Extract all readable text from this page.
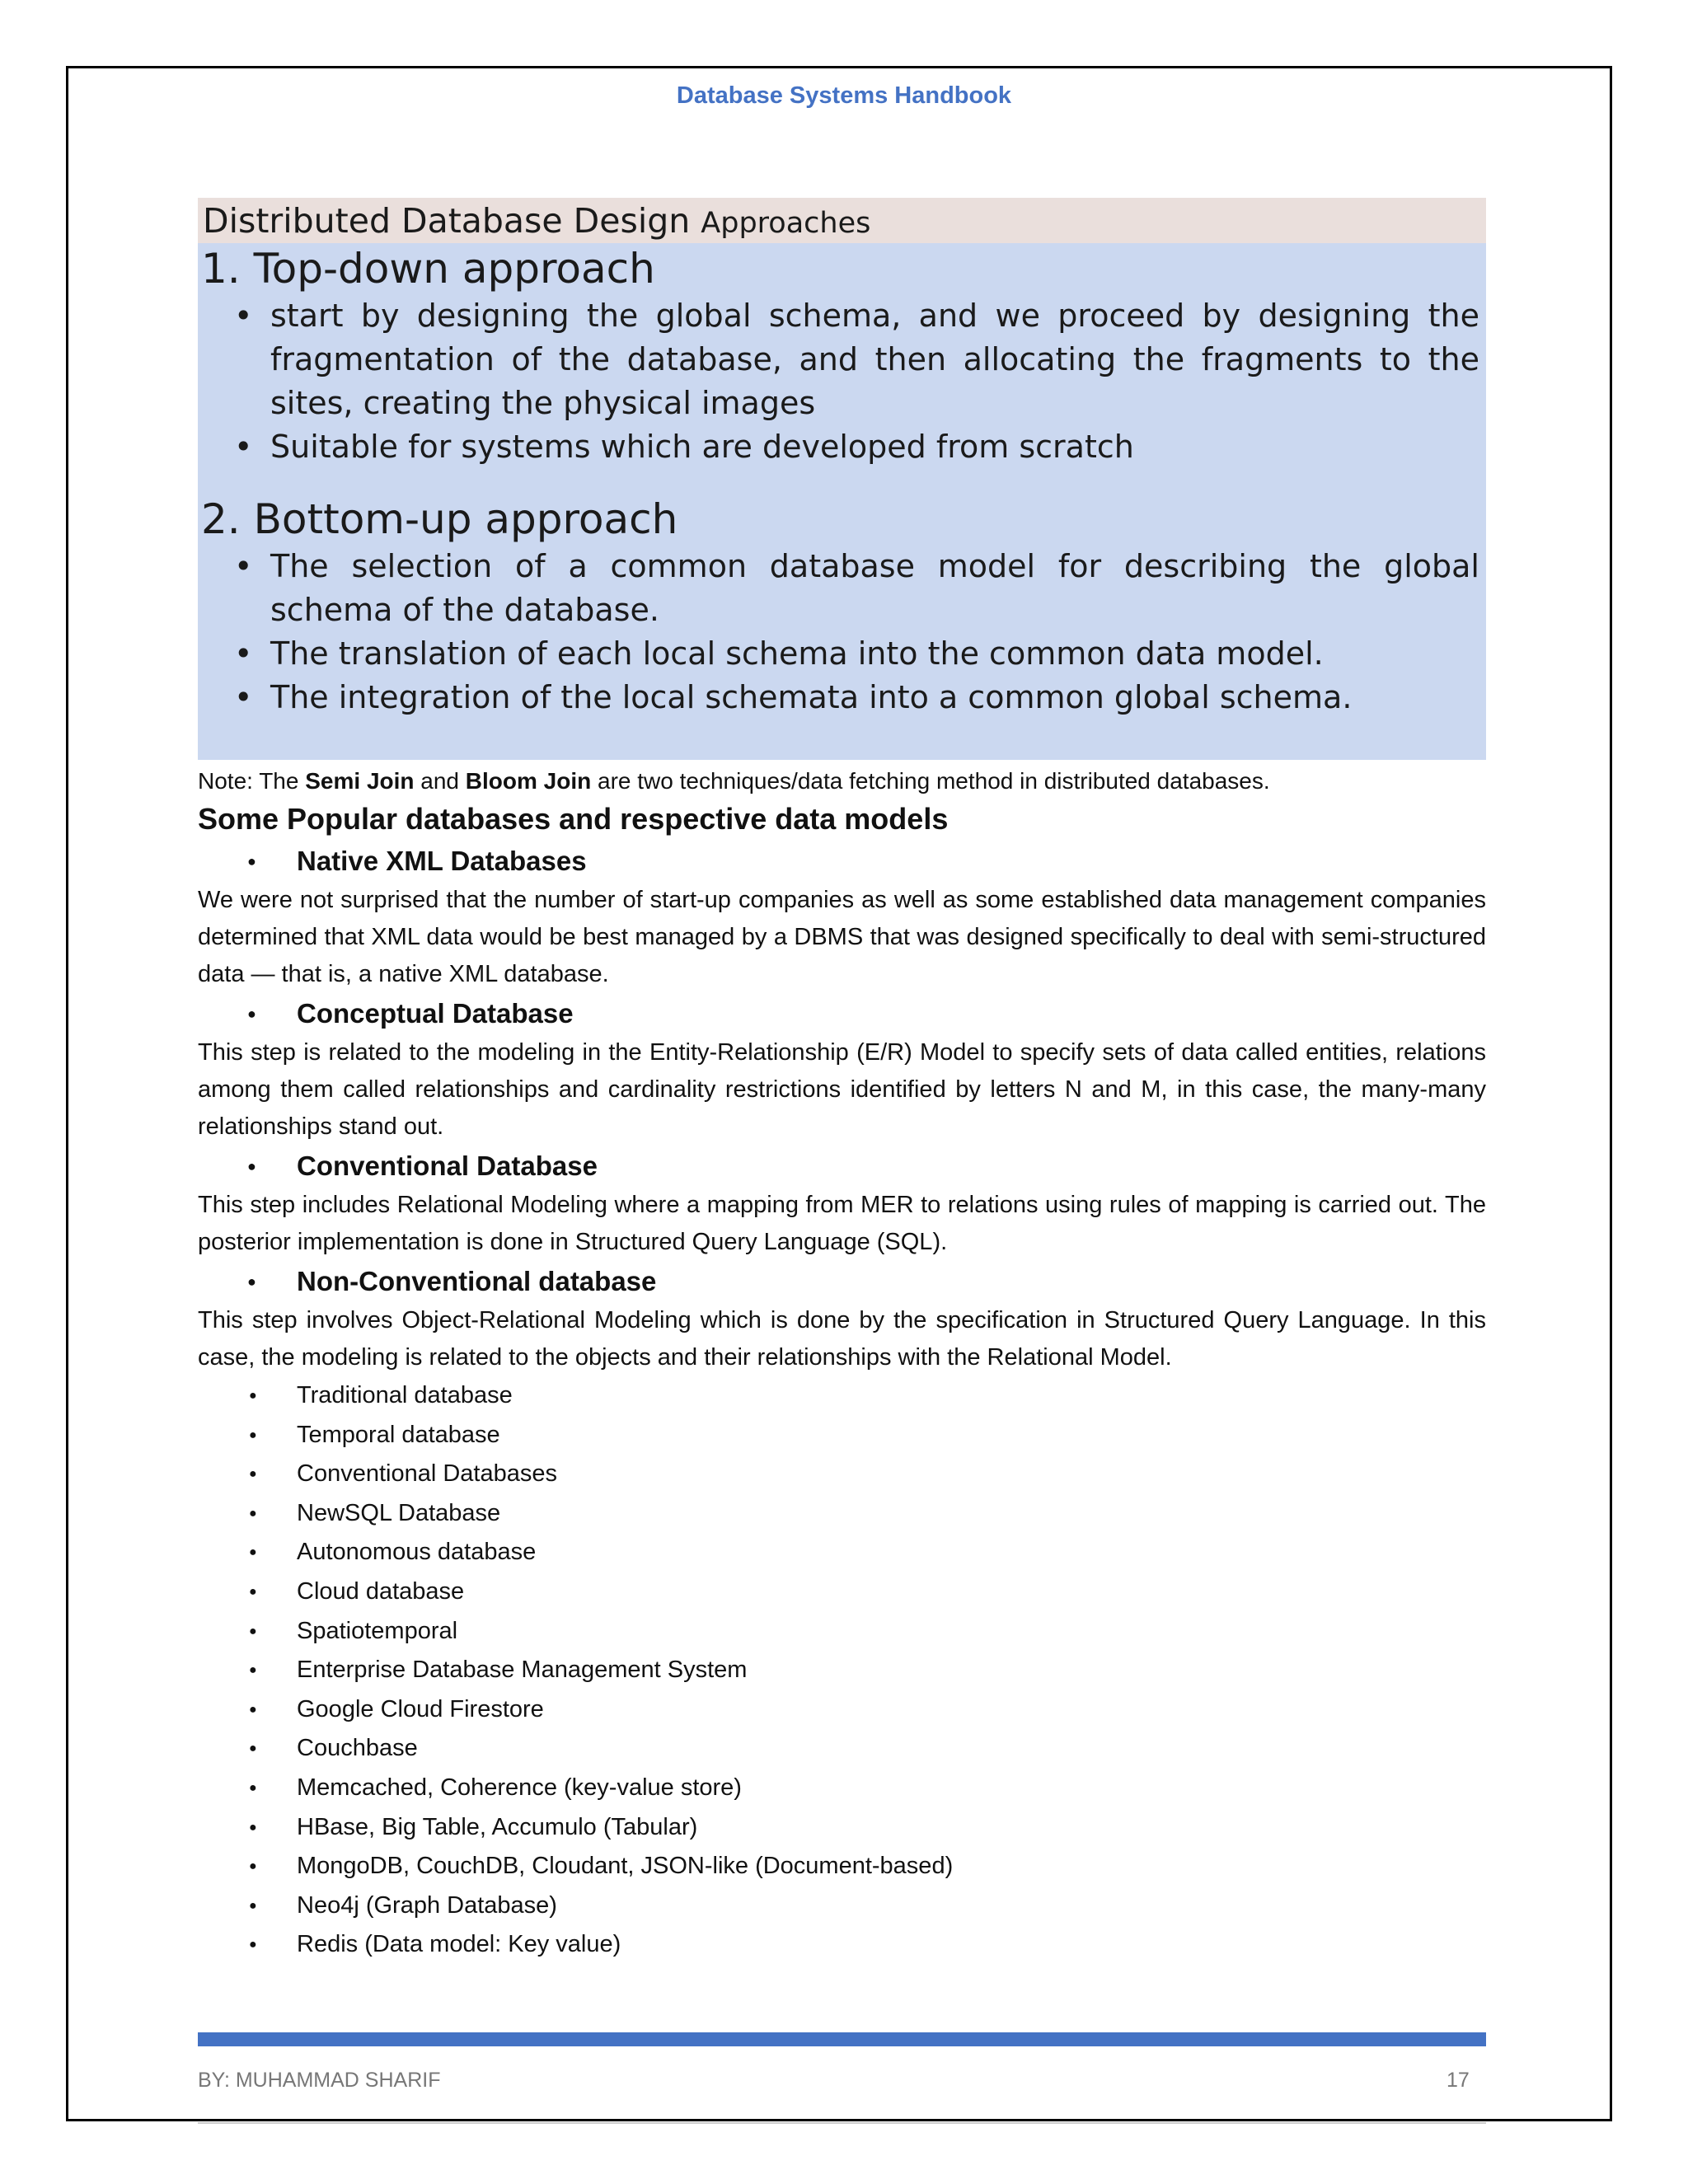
Database Systems Handbook
Distributed Database Design Approaches
1. Top-down approach
• start by designing the global schema, and we proceed by designing the fragmentation of the database, and then allocating the fragments to the sites, creating the physical images
• Suitable for systems which are developed from scratch
2. Bottom-up approach
• The selection of a common database model for describing the global schema of the database.
• The translation of each local schema into the common data model.
• The integration of the local schemata into a common global schema.
Note: The Semi Join and Bloom Join are two techniques/data fetching method in distributed databases.
Some Popular databases and respective data models
● Native XML Databases
We were not surprised that the number of start-up companies as well as some established data management companies determined that XML data would be best managed by a DBMS that was designed specifically to deal with semi-structured data — that is, a native XML database.
● Conceptual Database
This step is related to the modeling in the Entity-Relationship (E/R) Model to specify sets of data called entities, relations among them called relationships and cardinality restrictions identified by letters N and M, in this case, the many-many relationships stand out.
● Conventional Database
This step includes Relational Modeling where a mapping from MER to relations using rules of mapping is carried out. The posterior implementation is done in Structured Query Language (SQL).
● Non-Conventional database
This step involves Object-Relational Modeling which is done by the specification in Structured Query Language. In this case, the modeling is related to the objects and their relationships with the Relational Model.
● Traditional database
● Temporal database
● Conventional Databases
● NewSQL Database
● Autonomous database
● Cloud database
● Spatiotemporal
● Enterprise Database Management System
● Google Cloud Firestore
● Couchbase
● Memcached, Coherence (key-value store)
● HBase, Big Table, Accumulo (Tabular)
● MongoDB, CouchDB, Cloudant, JSON-like (Document-based)
● Neo4j (Graph Database)
● Redis (Data model: Key value)
BY: MUHAMMAD SHARIF	17
